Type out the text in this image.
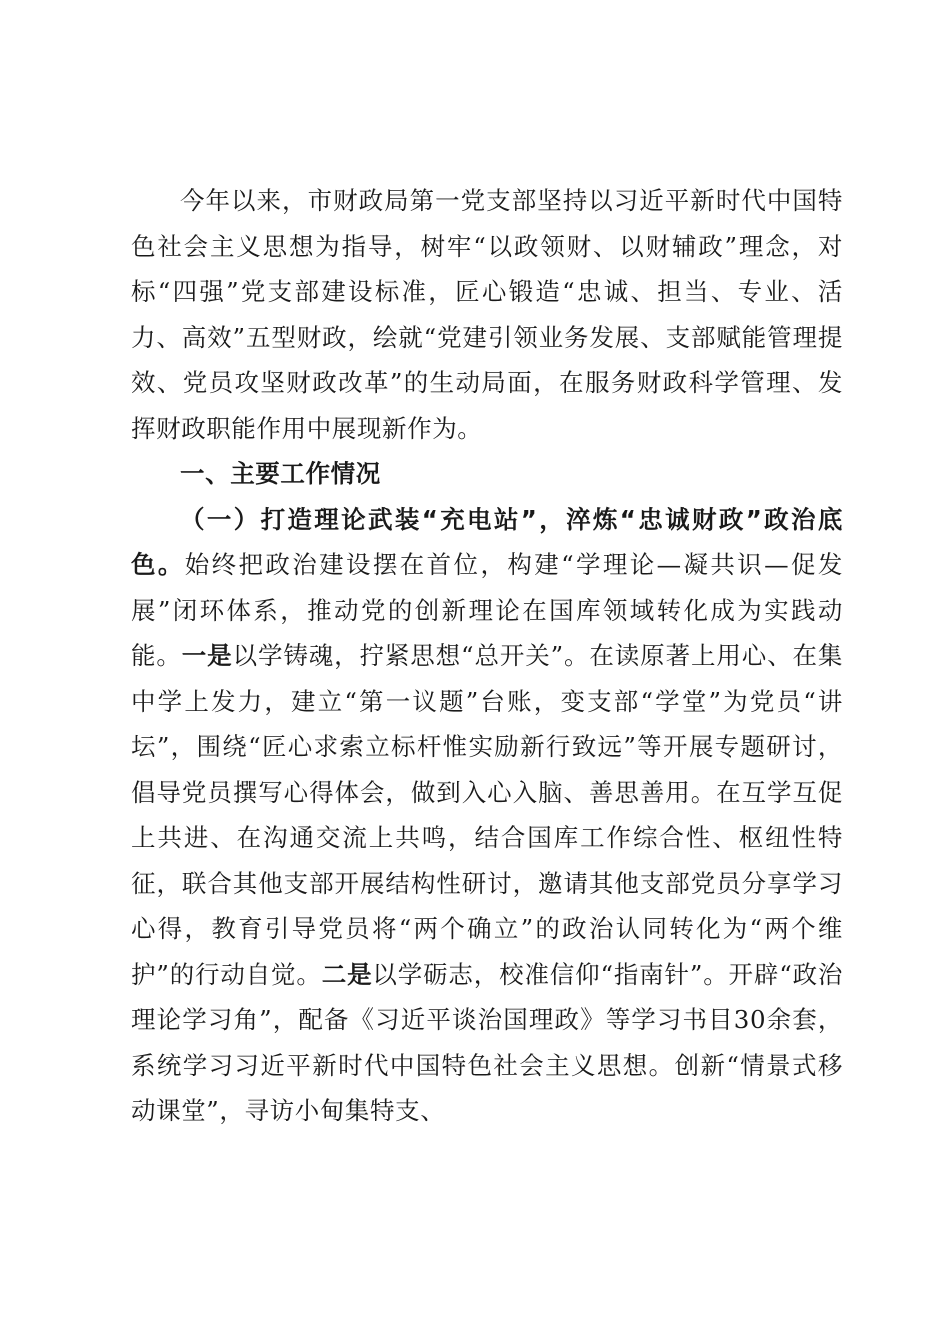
今年以来，市财政局第一党支部坚持以习近平新时代中国特色社会主义思想为指导，树牢“以政领财、以财辅政”理念，对标“四强”党支部建设标准，匠心锻造“忠诚、担当、专业、活力、高效”五型财政，绘就“党建引领业务发展、支部赋能管理提效、党员攻坚财政改革”的生动局面，在服务财政科学管理、发挥财政职能作用中展现新作为。

一、主要工作情况

（一）打造理论武装“充电站”，淬炼“忠诚财政”政治底色。始终把政治建设摆在首位，构建“学理论—凝共识—促发展”闭环体系，推动党的创新理论在国库领域转化成为实践动能。一是以学铸魂，拧紧思想“总开关”。在读原著上用心、在集中学上发力，建立“第一议题”台账，变支部“学堂”为党员“讲坛”，围绕“匠心求索立标杆惟实励新行致远”等开展专题研讨，倡导党员撰写心得体会，做到入心入脑、善思善用。在互学互促上共进、在沟通交流上共鸣，结合国库工作综合性、枢纽性特征，联合其他支部开展结构性研讨，邀请其他支部党员分享学习心得，教育引导党员将“两个确立”的政治认同转化为“两个维护”的行动自觉。二是以学砺志，校准信仰“指南针”。开辟“政治理论学习角”，配备《习近平谈治国理政》等学习书目30余套，系统学习习近平新时代中国特色社会主义思想。创新“情景式移动课堂”，寻访小甸集特支、
